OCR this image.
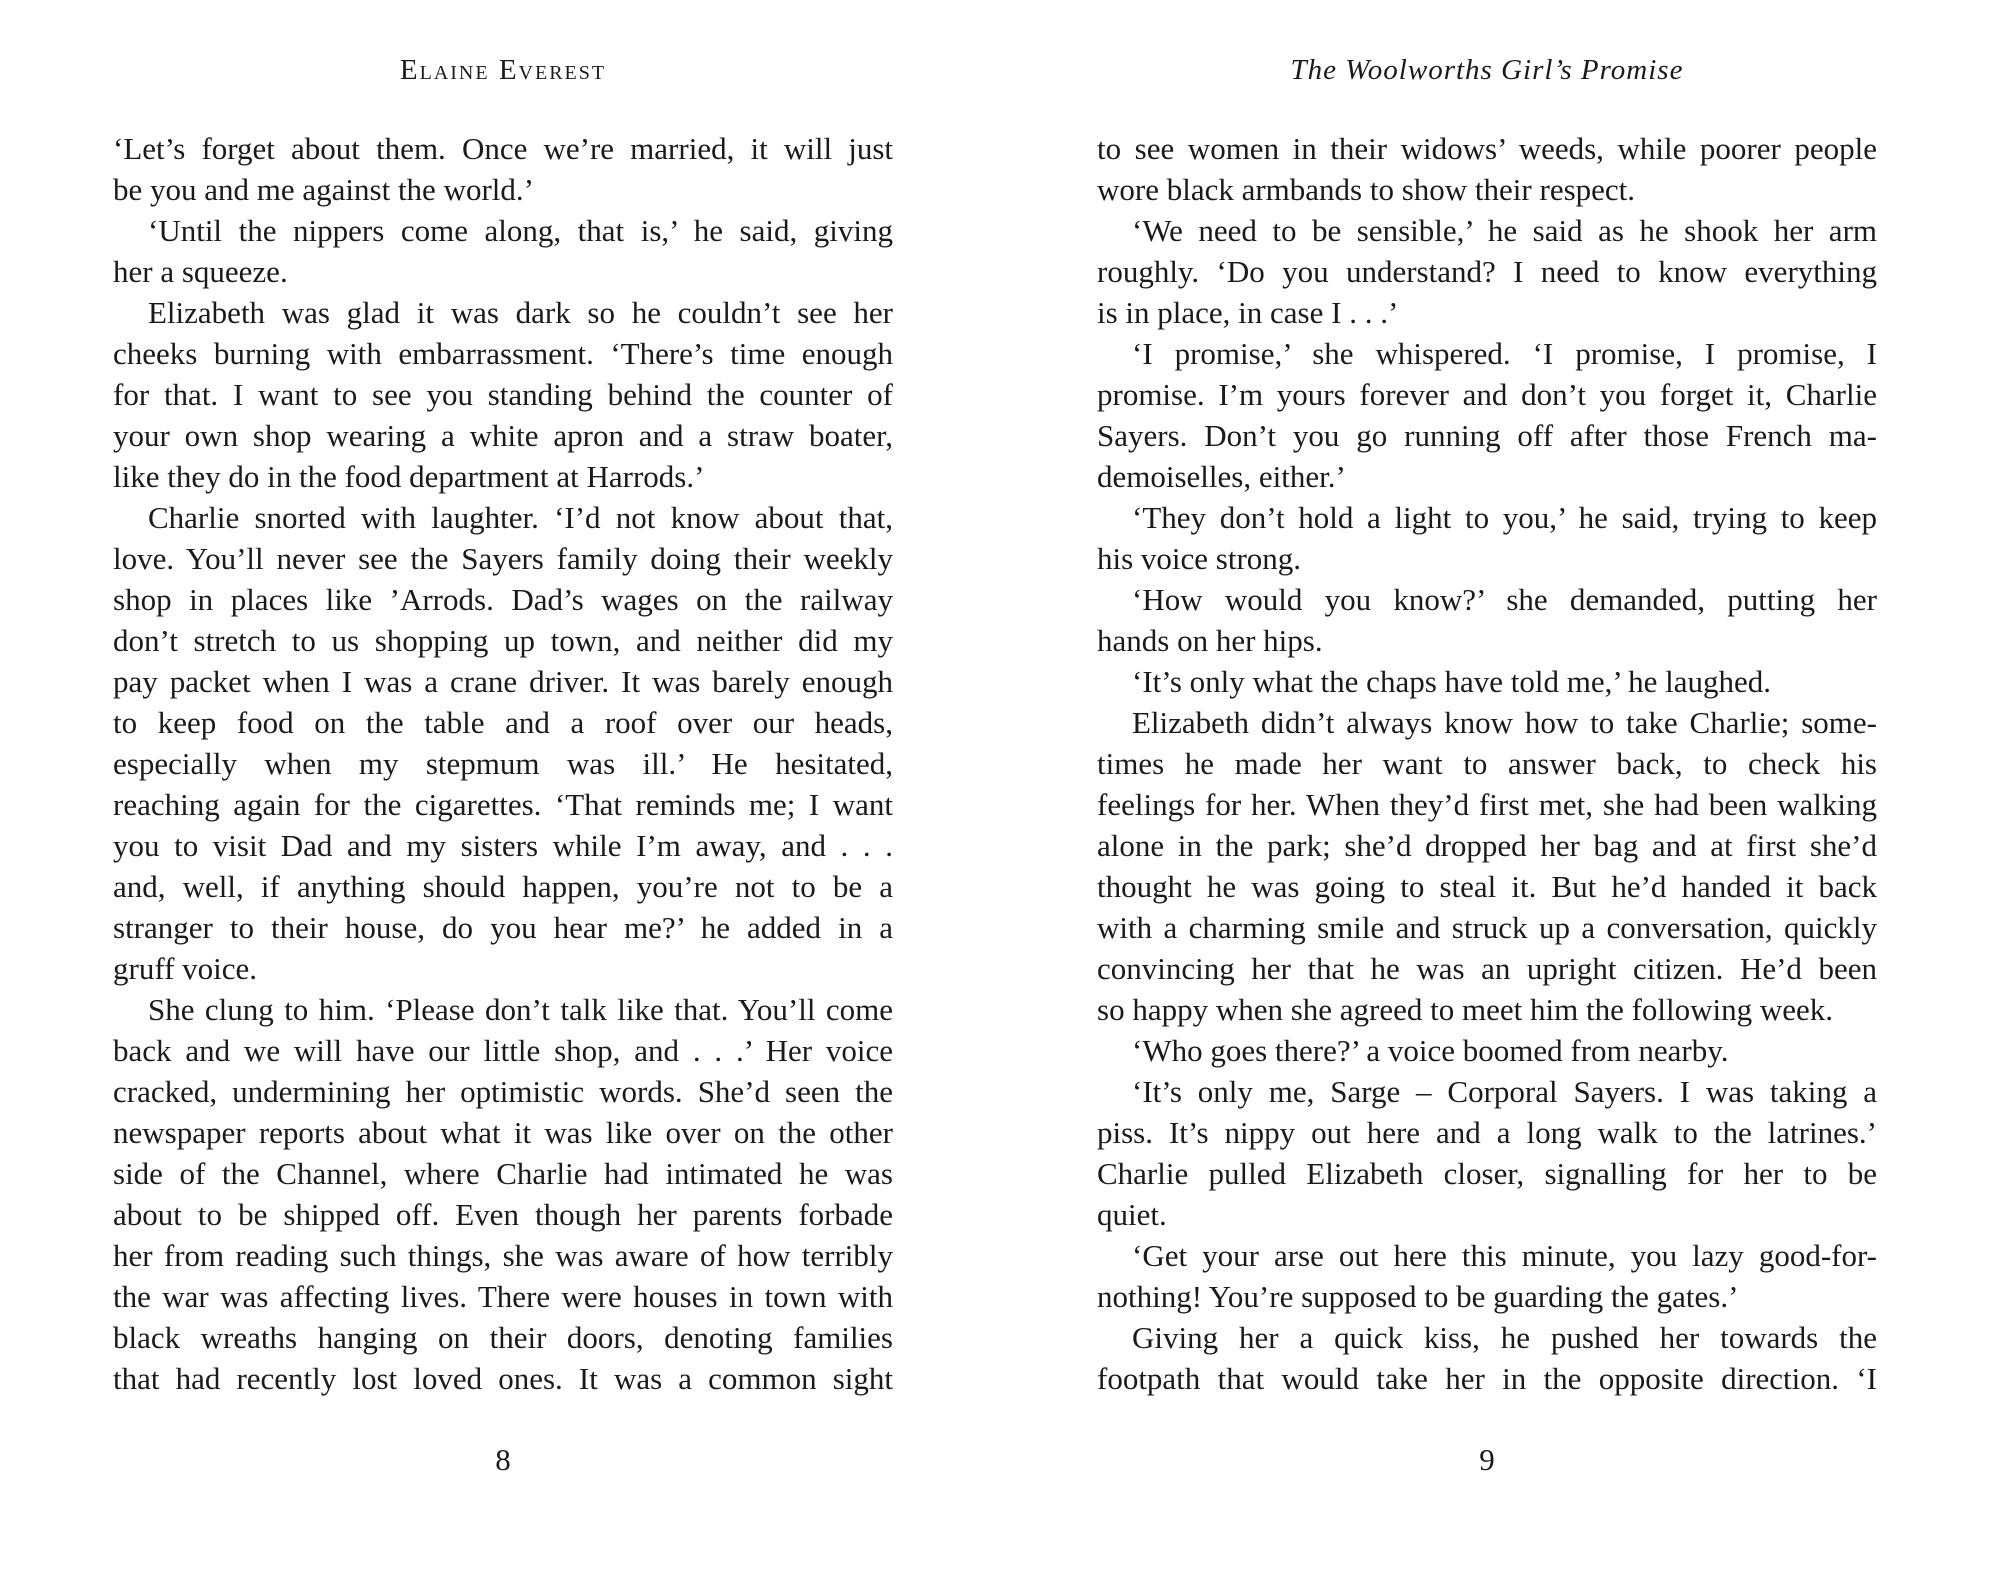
Elaine Everest
‘Let’s forget about them. Once we’re married, it will just
be you and me against the world.’
‘Until the nippers come along, that is,’ he said, giving
her a squeeze.
Elizabeth was glad it was dark so he couldn’t see her
cheeks burning with embarrassment. ‘There’s time enough
for that. I want to see you standing behind the counter of
your own shop wearing a white apron and a straw boater,
like they do in the food department at Harrods.’
Charlie snorted with laughter. ‘I’d not know about that,
love. You’ll never see the Sayers family doing their weekly
shop in places like ’Arrods. Dad’s wages on the railway
don’t stretch to us shopping up town, and neither did my
pay packet when I was a crane driver. It was barely enough
to keep food on the table and a roof over our heads,
especially when my stepmum was ill.’ He hesitated,
reaching again for the cigarettes. ‘That reminds me; I want
you to visit Dad and my sisters while I’m away, and . . .
and, well, if anything should happen, you’re not to be a
stranger to their house, do you hear me?’ he added in a
gruff voice.
She clung to him. ‘Please don’t talk like that. You’ll come
back and we will have our little shop, and . . .’ Her voice
cracked, undermining her optimistic words. She’d seen the
newspaper reports about what it was like over on the other
side of the Channel, where Charlie had intimated he was
about to be shipped off. Even though her parents forbade
her from reading such things, she was aware of how terribly
the war was affecting lives. There were houses in town with
black wreaths hanging on their doors, denoting families
that had recently lost loved ones. It was a common sight
8
The Woolworths Girl’s Promise
to see women in their widows’ weeds, while poorer people
wore black armbands to show their respect.
‘We need to be sensible,’ he said as he shook her arm
roughly. ‘Do you understand? I need to know everything
is in place, in case I . . .’
‘I promise,’ she whispered. ‘I promise, I promise, I
promise. I’m yours forever and don’t you forget it, Charlie
Sayers. Don’t you go running off after those French ma-
demoiselles, either.’
‘They don’t hold a light to you,’ he said, trying to keep
his voice strong.
‘How would you know?’ she demanded, putting her
hands on her hips.
‘It’s only what the chaps have told me,’ he laughed.
Elizabeth didn’t always know how to take Charlie; some-
times he made her want to answer back, to check his
feelings for her. When they’d first met, she had been walking
alone in the park; she’d dropped her bag and at first she’d
thought he was going to steal it. But he’d handed it back
with a charming smile and struck up a conversation, quickly
convincing her that he was an upright citizen. He’d been
so happy when she agreed to meet him the following week.
‘Who goes there?’ a voice boomed from nearby.
‘It’s only me, Sarge – Corporal Sayers. I was taking a
piss. It’s nippy out here and a long walk to the latrines.’
Charlie pulled Elizabeth closer, signalling for her to be
quiet.
‘Get your arse out here this minute, you lazy good-for-
nothing! You’re supposed to be guarding the gates.’
Giving her a quick kiss, he pushed her towards the
footpath that would take her in the opposite direction. ‘I
9
